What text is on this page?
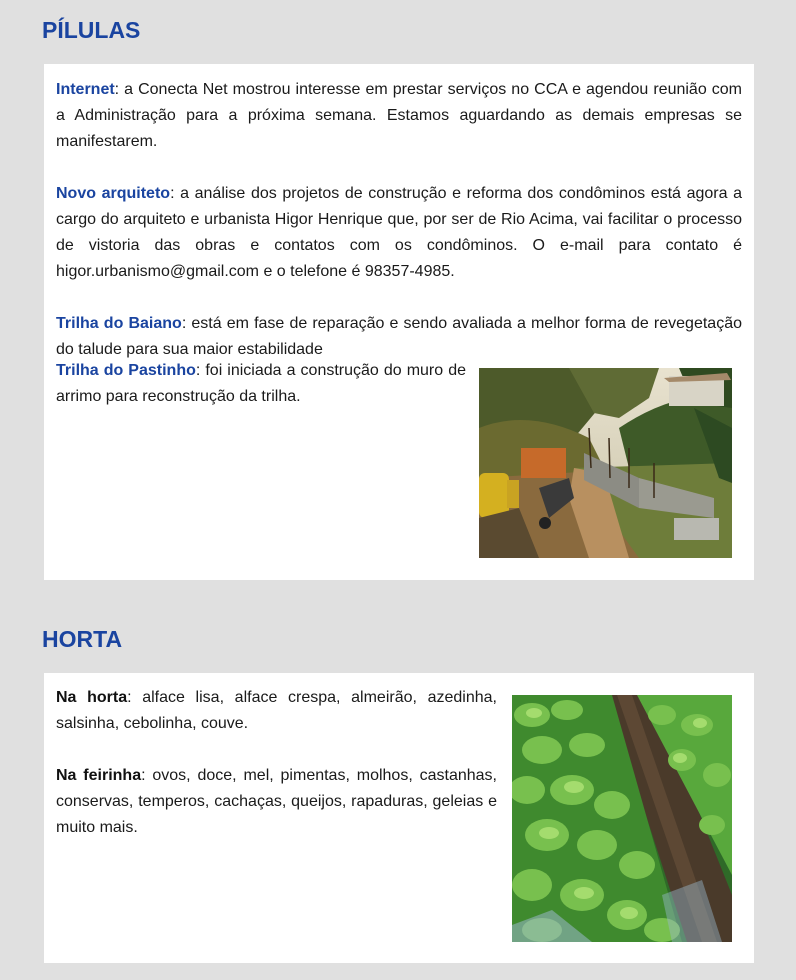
PÍLULAS

Internet: a Conecta Net mostrou interesse em prestar serviços no CCA e agendou reunião com a Administração para a próxima semana. Estamos aguardando as demais empresas se manifestarem.

Novo arquiteto: a análise dos projetos de construção e reforma dos condôminos está agora a cargo do arquiteto e urbanista Higor Henrique que, por ser de Rio Acima, vai facilitar o processo de vistoria das obras e contatos com os condôminos. O e-mail para contato é higor.urbanismo@gmail.com e o telefone é 98357-4985.

Trilha do Baiano: está em fase de reparação e sendo avaliada a melhor forma de revegetação do talude para sua maior estabilidade

Trilha do Pastinho: foi iniciada a construção do muro de arrimo para reconstrução da trilha.

HORTA

Na horta: alface lisa, alface crespa, almeirão, azedinha, salsinha, cebolinha, couve.

Na feirinha: ovos, doce, mel, pimentas, molhos, castanhas, conservas, temperos, cachaças, queijos, rapaduras, geleias e muito mais.
